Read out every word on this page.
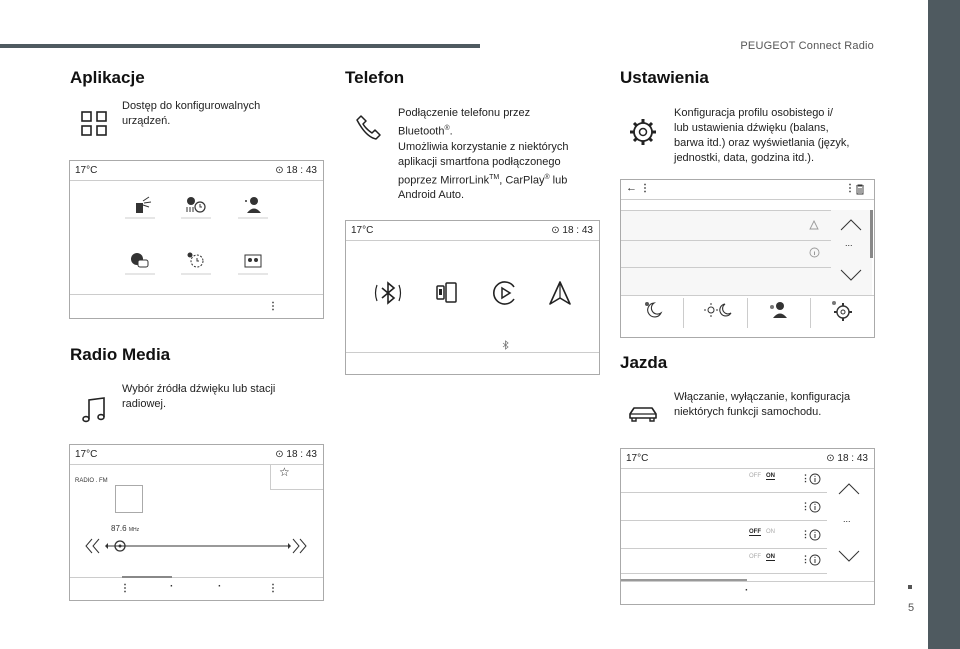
PEUGEOT Connect Radio
5
Aplikacje
Dostęp do konfigurowalnych
urządzeń.
17°C	⊙ 18 : 43
⋮
Radio Media
Wybór źródła dźwięku lub stacji
radiowej.
17°C	⊙ 18 : 43
☆
RADIO . FM
87.6 MHz
⋮	·	·	⋮
Telefon
Podłączenie telefonu przez
Bluetooth®.
Umożliwia korzystanie z niektórych
aplikacji smartfona podłączonego
poprzez MirrorLink™, CarPlay® lub
Android Auto.
17°C	⊙ 18 : 43
Ustawienia
Konfiguracja profilu osobistego i/
lub ustawienia dźwięku (balans,
barwa itd.) oraz wyświetlania (język,
jednostki, data, godzina itd.).
← ⋮	⋮
...
Jazda
Włączanie, wyłączanie, konfiguracja
niektórych funkcji samochodu.
17°C	⊙ 18 : 43
OFF ON
OFF ON
OFF ON
⋮
⋮
⋮
⋮
...
·
